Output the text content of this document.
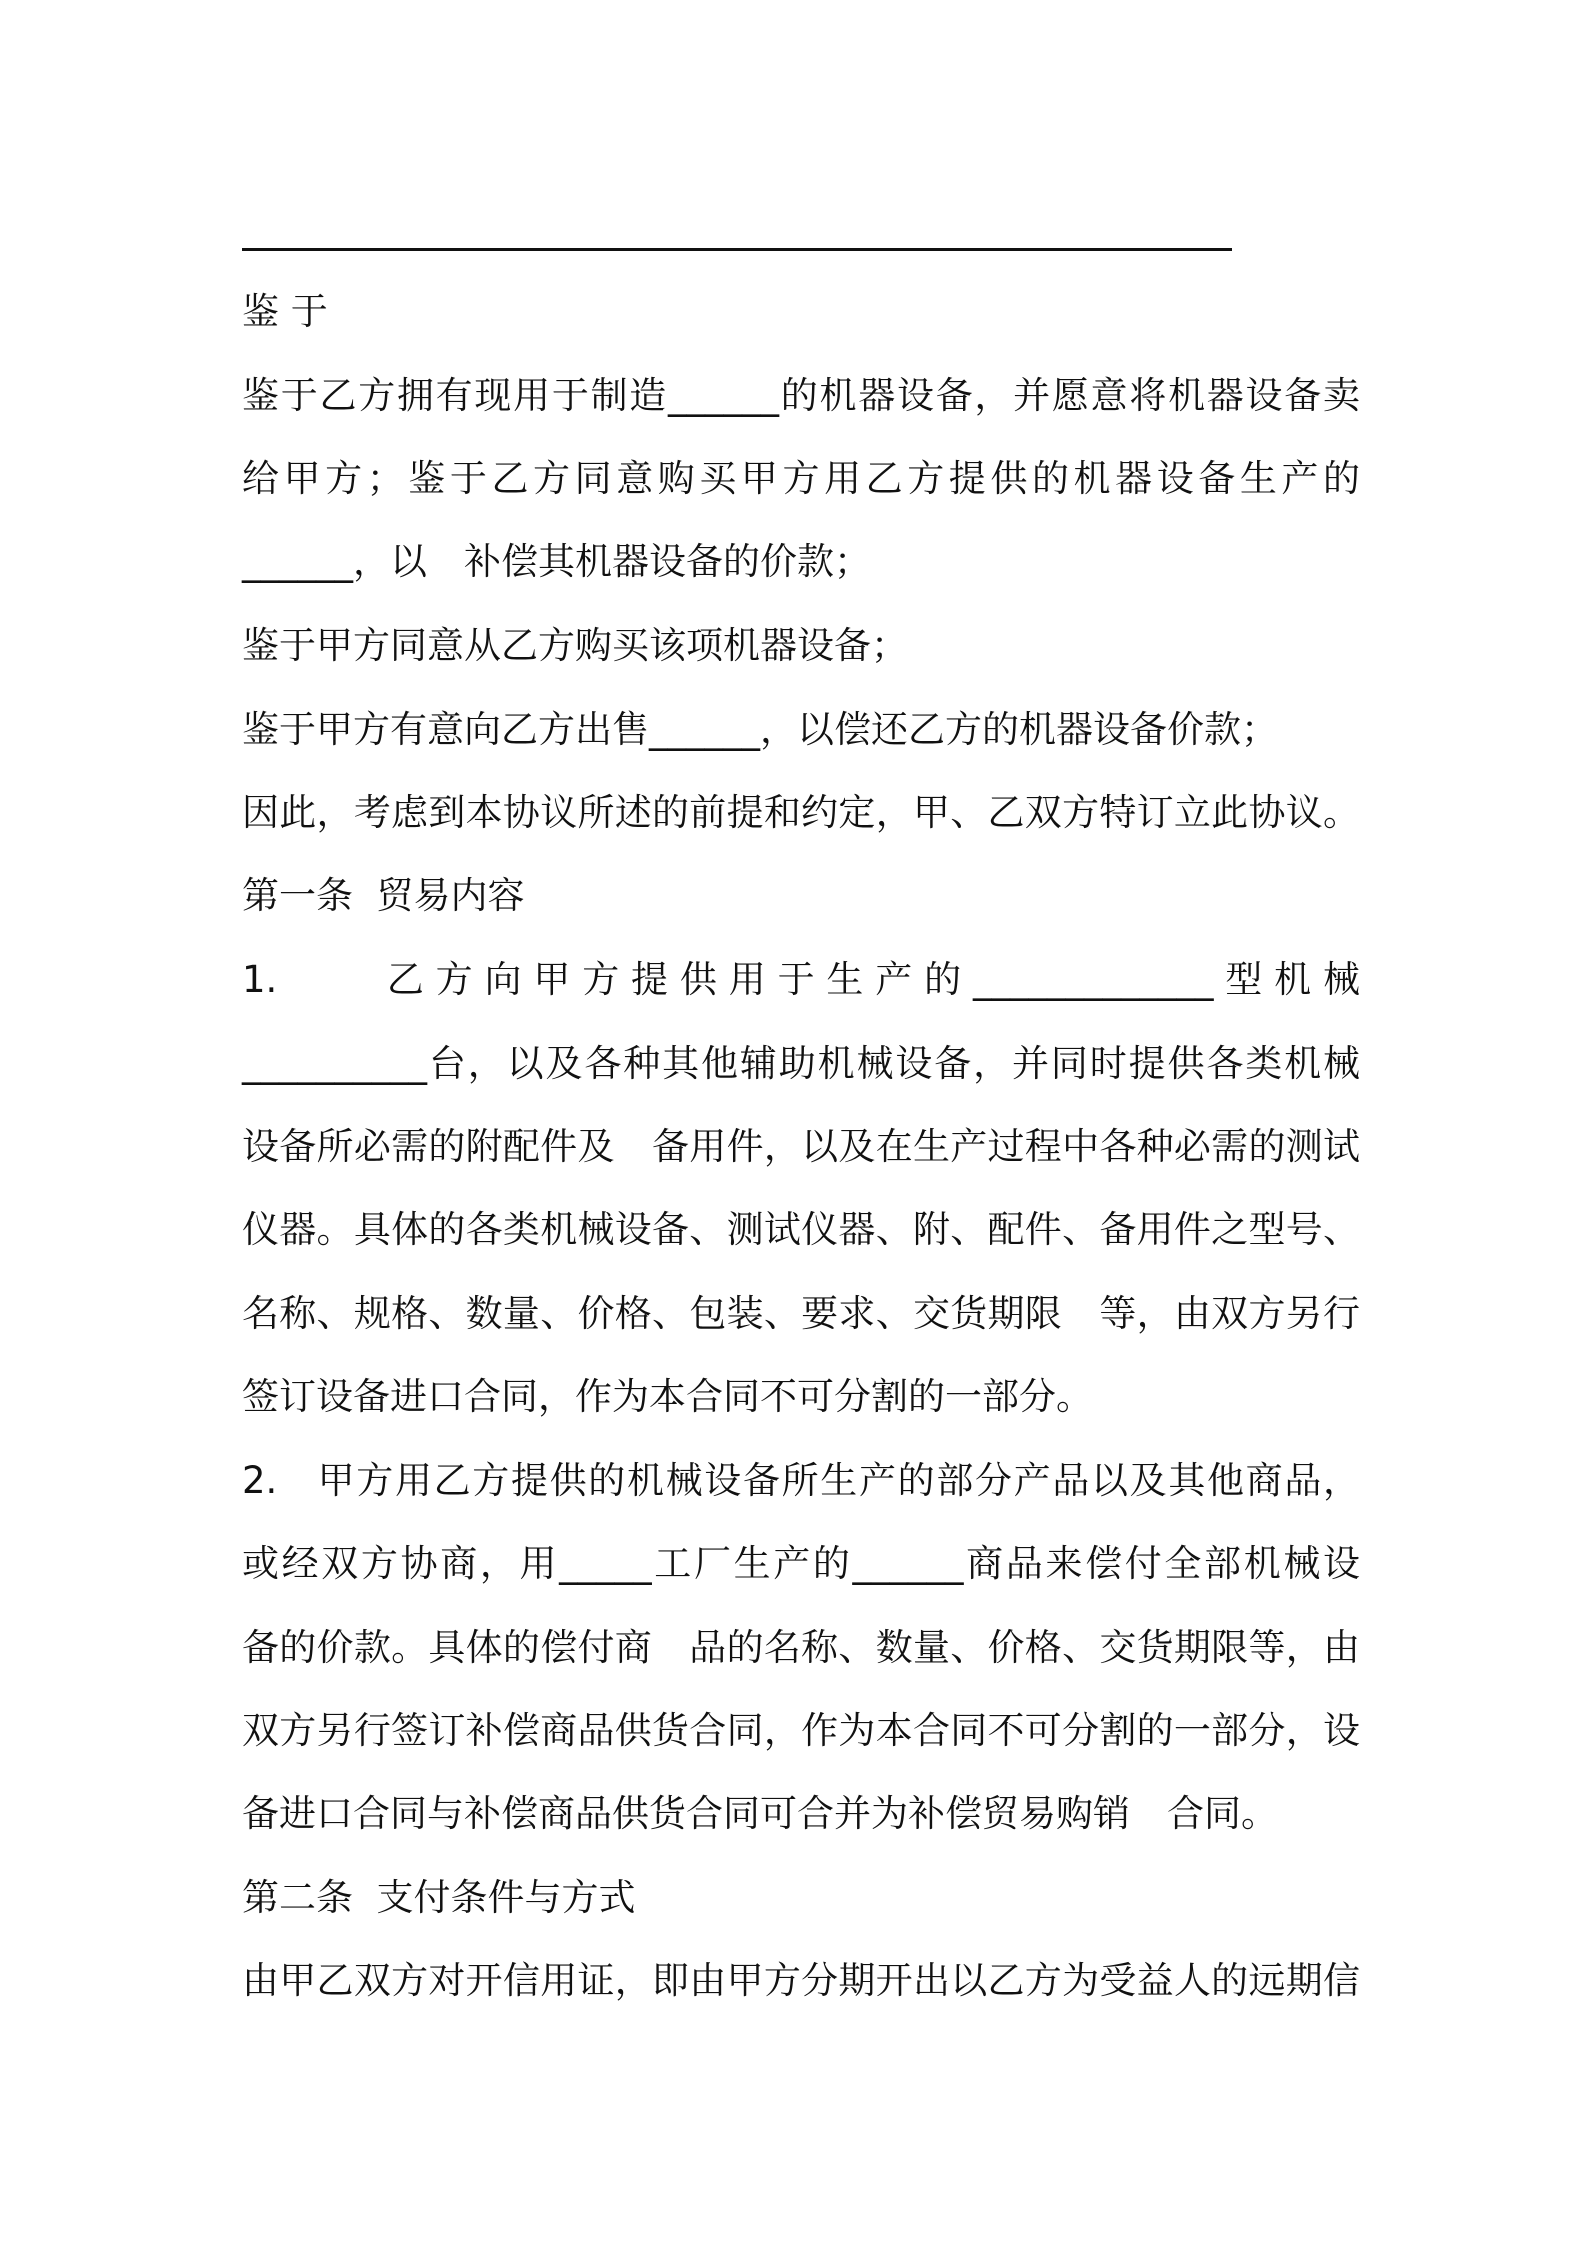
鉴 于

鉴于乙方拥有现用于制造______的机器设备，并愿意将机器设备卖

给甲方；鉴于乙方同意购买甲方用乙方提供的机器设备生产的

______，以　补偿其机器设备的价款；

鉴于甲方同意从乙方购买该项机器设备；

鉴于甲方有意向乙方出售______，以偿还乙方的机器设备价款；

因此，考虑到本协议所述的前提和约定，甲、乙双方特订立此协议。

第一条  贸易内容

1.　　乙方向甲方提供用于生产的_____________型机械

__________台，以及各种其他辅助机械设备，并同时提供各类机械

设备所必需的附配件及　备用件，以及在生产过程中各种必需的测试

仪器。具体的各类机械设备、测试仪器、附、配件、备用件之型号、

名称、规格、数量、价格、包装、要求、交货期限　等，由双方另行

签订设备进口合同，作为本合同不可分割的一部分。

2.　甲方用乙方提供的机械设备所生产的部分产品以及其他商品，

或经双方协商，用_____工厂生产的______商品来偿付全部机械设

备的价款。具体的偿付商　品的名称、数量、价格、交货期限等，由

双方另行签订补偿商品供货合同，作为本合同不可分割的一部分，设

备进口合同与补偿商品供货合同可合并为补偿贸易购销　合同。

第二条  支付条件与方式

由甲乙双方对开信用证，即由甲方分期开出以乙方为受益人的远期信
